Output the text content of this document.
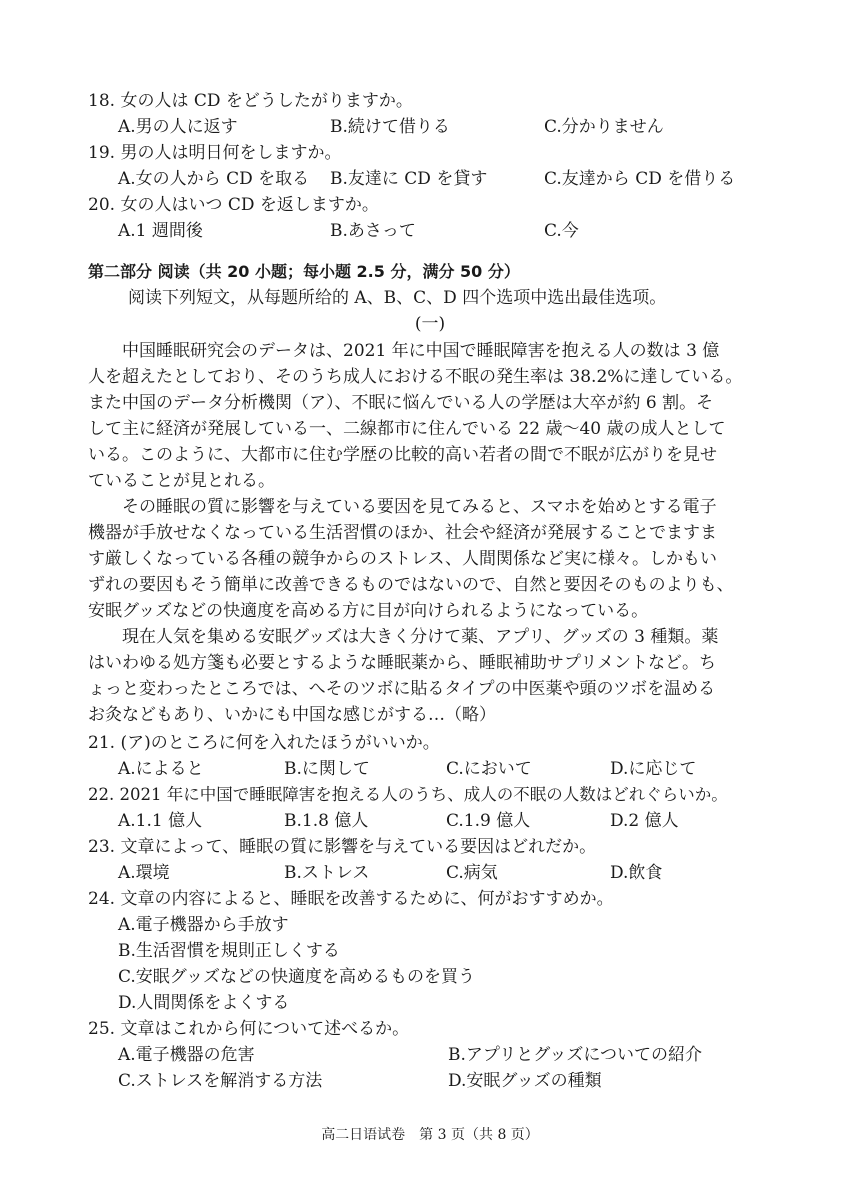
18. 女の人は CD をどうしたがりますか。
A.男の人に返す	B.続けて借りる	C.分かりません
19. 男の人は明日何をしますか。
A.女の人から CD を取る B.友達に CD を貸す	C.友達から CD を借りる
20. 女の人はいつ CD を返しますか。
A.1 週間後	B.あさって	C.今
第二部分 阅读（共 20 小题；每小题 2.5 分，满分 50 分）
阅读下列短文，从每题所给的 A、B、C、D 四个选项中选出最佳选项。
(一)
中国睡眠研究会のデータは、2021 年に中国で睡眠障害を抱える人の数は 3 億
人を超えたとしており、そのうち成人における不眠の発生率は 38.2%に達している。
また中国のデータ分析機関（ア）、不眠に悩んでいる人の学歴は大卒が約 6 割。そ
して主に経済が発展している一、二線都市に住んでいる 22 歳～40 歳の成人として
いる。このように、大都市に住む学歴の比較的高い若者の間で不眠が広がりを見せ
ていることが見とれる。
その睡眠の質に影響を与えている要因を見てみると、スマホを始めとする電子
機器が手放せなくなっている生活習慣のほか、社会や経済が発展することでますま
す厳しくなっている各種の競争からのストレス、人間関係など実に様々。しかもい
ずれの要因もそう簡単に改善できるものではないので、自然と要因そのものよりも、
安眠グッズなどの快適度を高める方に目が向けられるようになっている。
現在人気を集める安眠グッズは大きく分けて薬、アプリ、グッズの 3 種類。薬
はいわゆる処方箋も必要とするような睡眠薬から、睡眠補助サプリメントなど。ち
ょっと変わったところでは、へそのツボに貼るタイプの中医薬や頭のツボを温める
お灸などもあり、いかにも中国な感じがする…（略）
21. (ア)のところに何を入れたほうがいいか。
A.によると	B.に関して	C.において	D.に応じて
22. 2021 年に中国で睡眠障害を抱える人のうち、成人の不眠の人数はどれぐらいか。
A.1.1 億人	B.1.8 億人	C.1.9 億人	D.2 億人
23. 文章によって、睡眠の質に影響を与えている要因はどれだか。
A.環境	B.ストレス	C.病気	D.飲食
24. 文章の内容によると、睡眠を改善するために、何がおすすめか。
A.電子機器から手放す
B.生活習慣を規則正しくする
C.安眠グッズなどの快適度を高めるものを買う
D.人間関係をよくする
25. 文章はこれから何について述べるか。
A.電子機器の危害	B.アプリとグッズについての紹介
C.ストレスを解消する方法	D.安眠グッズの種類
高二日语试卷　第 3 页（共 8 页）
